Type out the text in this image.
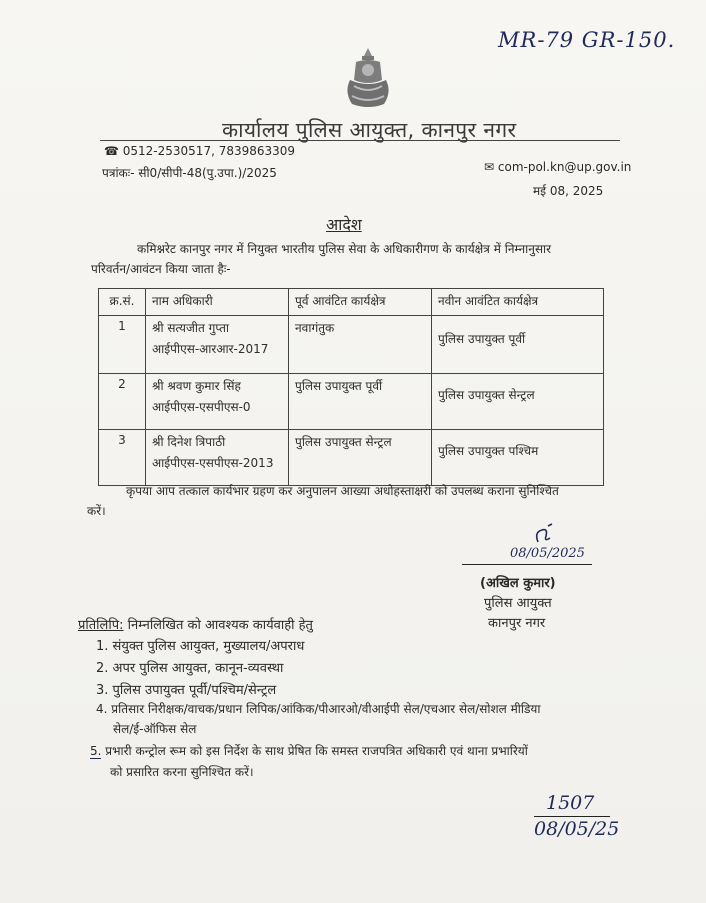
MR-79 GR-150.
कार्यालय पुलिस आयुक्त, कानपुर नगर
☎ 0512-2530517, 7839863309
पत्रांकः- सी0/सीपी-48(पु.उपा.)/2025	✉ com-pol.kn@up.gov.in
मई 08, 2025
आदेश
कमिश्नरेट कानपुर नगर में नियुक्त भारतीय पुलिस सेवा के अधिकारीगण के कार्यक्षेत्र में निम्नानुसार
परिवर्तन/आवंटन किया जाता हैः-
क्र.सं.	नाम अधिकारी	पूर्व आवंटित कार्यक्षेत्र	नवीन आवंटित कार्यक्षेत्र
1	श्री सत्यजीत गुप्ता
आईपीएस-आरआर-2017	नवागंतुक	पुलिस उपायुक्त पूर्वी
2	श्री श्रवण कुमार सिंह
आईपीएस-एसपीएस-0	पुलिस उपायुक्त पूर्वी	पुलिस उपायुक्त सेन्ट्रल
3	श्री दिनेश त्रिपाठी
आईपीएस-एसपीएस-2013	पुलिस उपायुक्त सेन्ट्रल	पुलिस उपायुक्त पश्चिम
कृपया आप तत्काल कार्यभार ग्रहण कर अनुपालन आख्या अधोहस्ताक्षरी को उपलब्ध कराना सुनिश्चित
करें।
08/05/2025
(अखिल कुमार)
पुलिस आयुक्त
कानपुर नगर
प्रतिलिपि: निम्नलिखित को आवश्यक कार्यवाही हेतु
1. संयुक्त पुलिस आयुक्त, मुख्यालय/अपराध
2. अपर पुलिस आयुक्त, कानून-व्यवस्था
3. पुलिस उपायुक्त पूर्वी/पश्चिम/सेन्ट्रल
4. प्रतिसार निरीक्षक/वाचक/प्रधान लिपिक/आंकिक/पीआरओ/वीआईपी सेल/एचआर सेल/सोशल मीडिया
सेल/ई-ऑफिस सेल
5. प्रभारी कन्ट्रोल रूम को इस निर्देश के साथ प्रेषित कि समस्त राजपत्रित अधिकारी एवं थाना प्रभारियों
को प्रसारित करना सुनिश्चित करें।
1507
08/05/25
